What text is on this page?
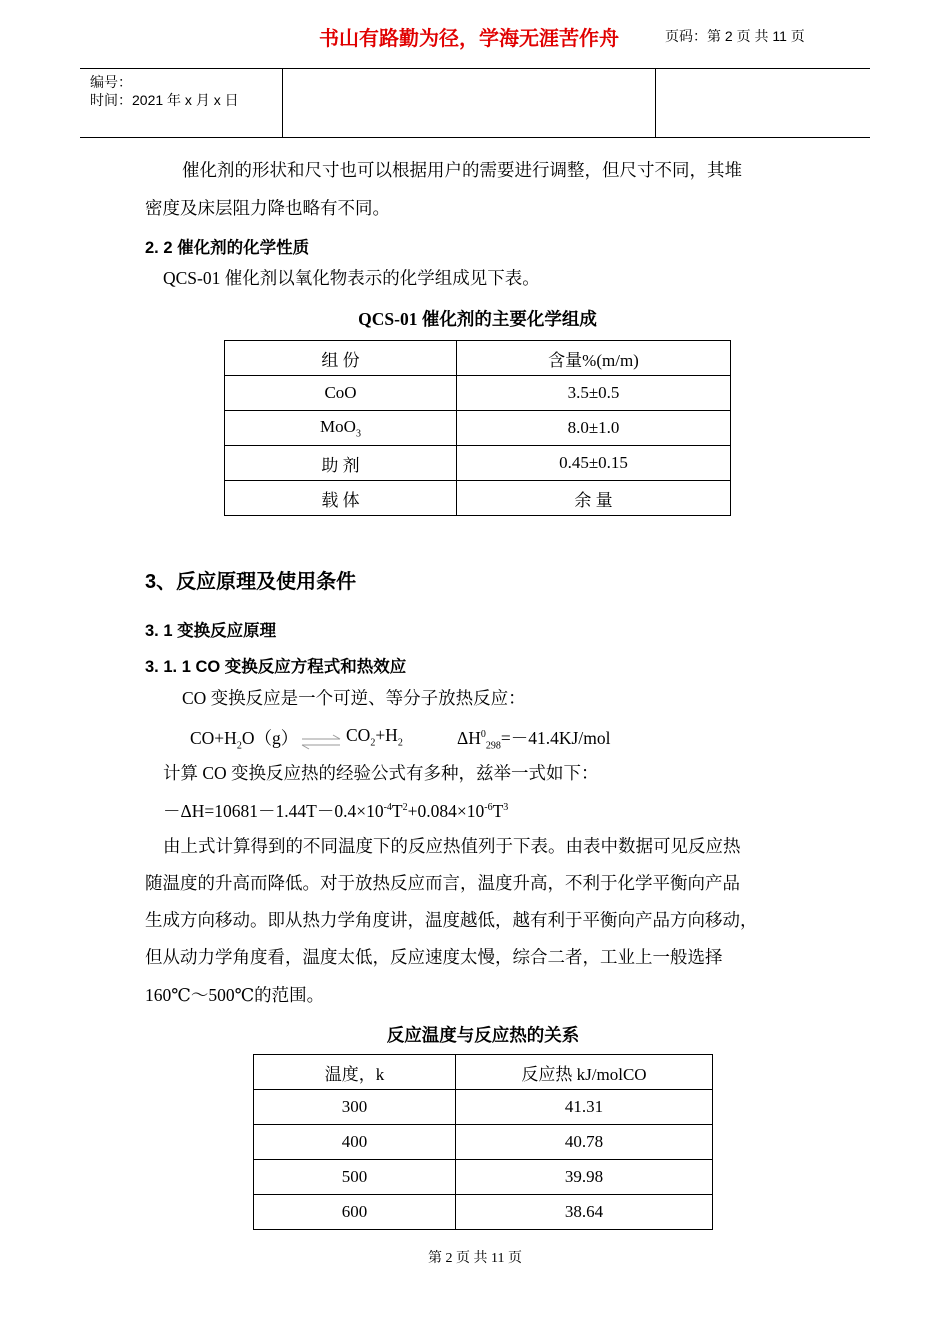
编号：
时间：2021 年 x 月 x 日
书山有路勤为径，学海无涯苦作舟	页码：第 2 页 共 11 页

催化剂的形状和尺寸也可以根据用户的需要进行调整，但尺寸不同，其堆

密度及床层阻力降也略有不同。

2. 2 催化剂的化学性质

QCS-01 催化剂以氧化物表示的化学组成见下表。

QCS-01 催化剂的主要化学组成
组 份	含量%(m/m)
CoO	3.5±0.5
MoO$_3$	8.0±1.0
助 剂	0.45±0.15
载 体	余 量
3、反应原理及使用条件
3. 1 变换反应原理
3. 1. 1 CO 变换反应方程式和热效应

CO 变换反应是一个可逆、等分子放热反应：

$CO+H_2O(g)$ ⇌ $CO_2+H_2$	$\Delta H^0_{298}=-41.4KJ$/mol

计算 CO 变换反应热的经验公式有多种，兹举一式如下：

$-\Delta H=10681-1.44T-0.4\times 10^{-4}T^2+0.084\times 10^{-6}T^3$

由上式计算得到的不同温度下的反应热值列于下表。由表中数据可见反应热

随温度的升高而降低。对于放热反应而言，温度升高，不利于化学平衡向产品

生成方向移动。即从热力学角度讲，温度越低，越有利于平衡向产品方向移动，

但从动力学角度看，温度太低，反应速度太慢，综合二者，工业上一般选择

160℃～500℃的范围。

反应温度与反应热的关系
温度，k	反应热 kJ/molCO
300	41.31
400	40.78
500	39.98
600	38.64
第 2 页 共 11 页
